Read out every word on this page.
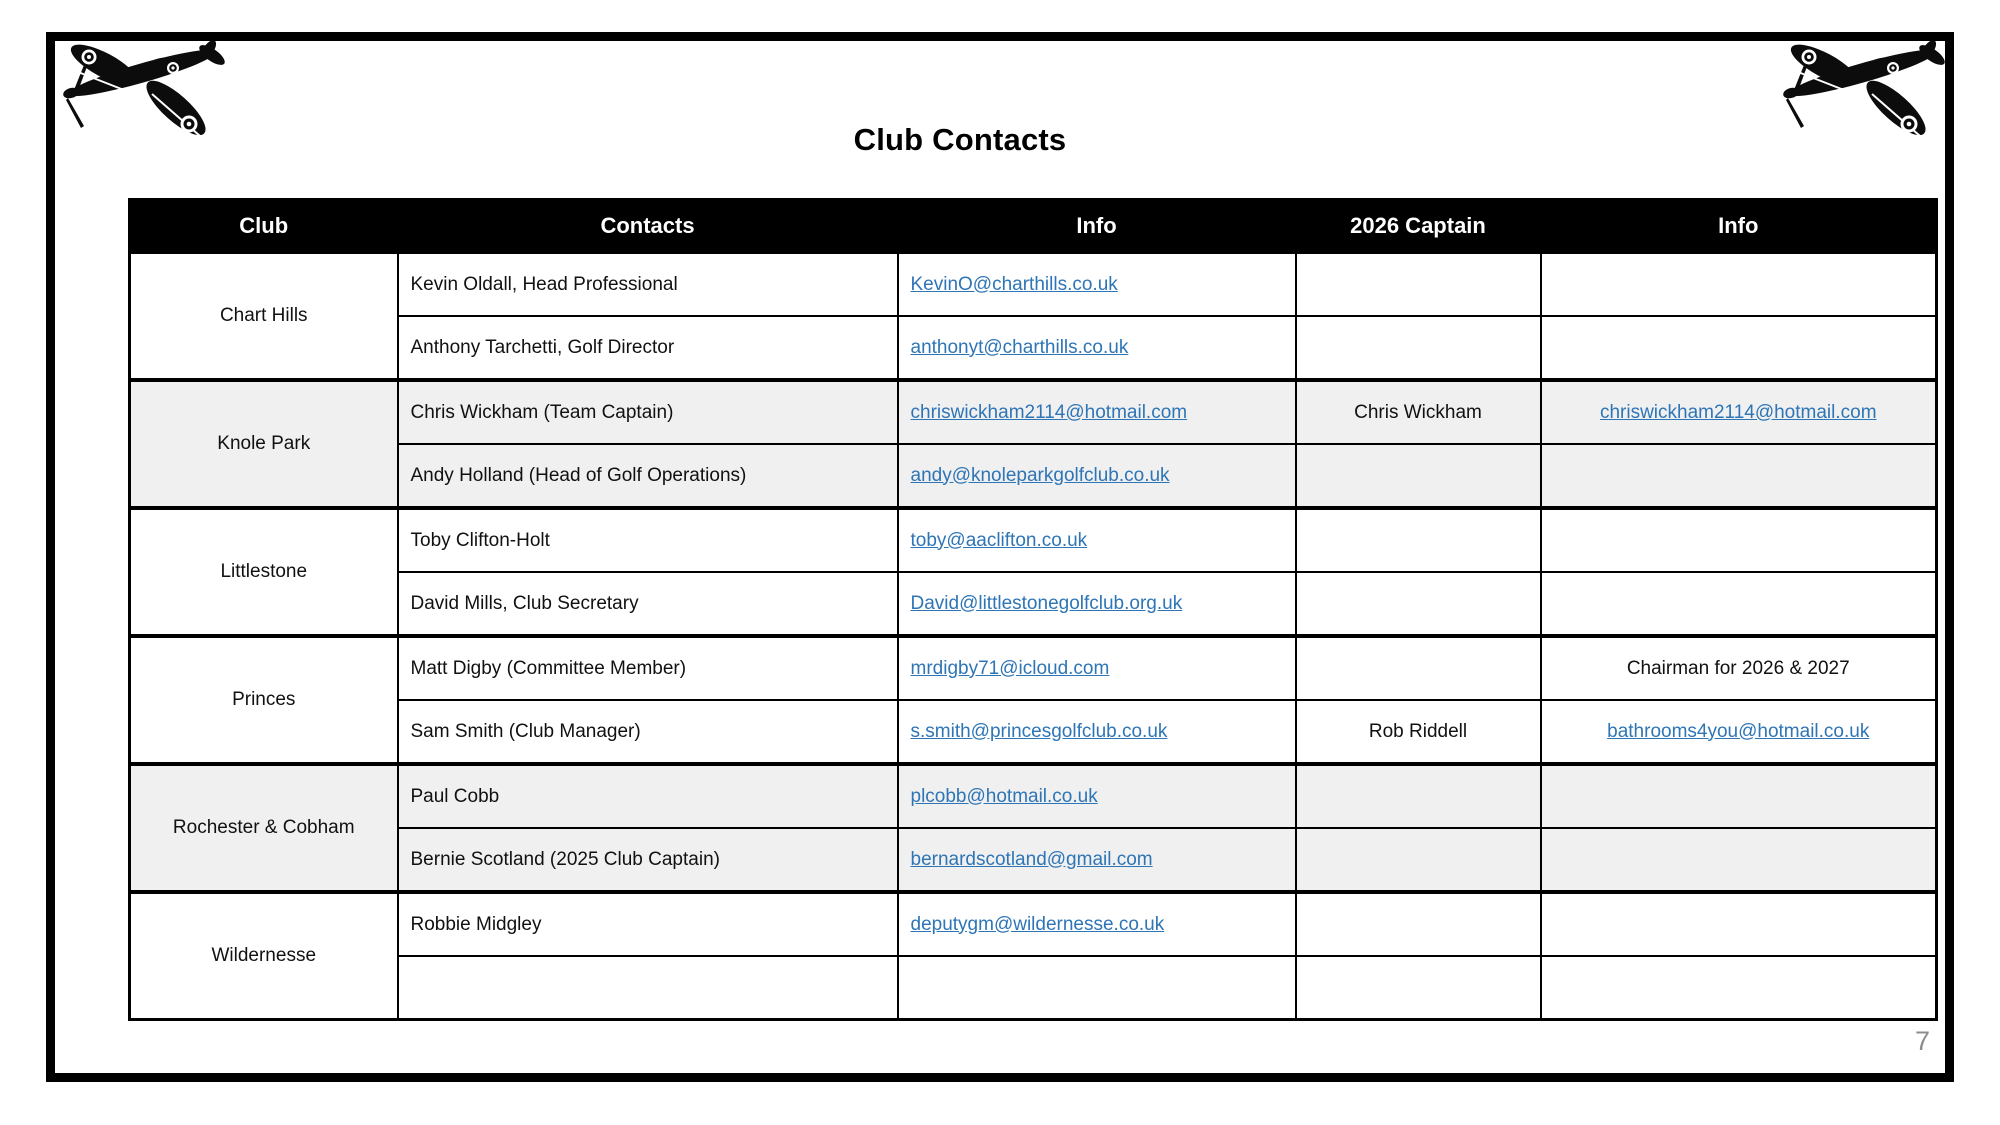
Club Contacts
Club	Contacts	Info	2026 Captain	Info
Chart Hills	Kevin Oldall, Head Professional	KevinO@charthills.co.uk		
	Anthony Tarchetti, Golf Director	anthonyt@charthills.co.uk		
Knole Park	Chris Wickham (Team Captain)	chriswickham2114@hotmail.com	Chris Wickham	chriswickham2114@hotmail.com
	Andy Holland (Head of Golf Operations)	andy@knoleparkgolfclub.co.uk		
Littlestone	Toby Clifton-Holt	toby@aaclifton.co.uk		
	David Mills, Club Secretary	David@littlestonegolfclub.org.uk		
Princes	Matt Digby (Committee Member)	mrdigby71@icloud.com		Chairman for 2026 & 2027
	Sam Smith (Club Manager)	s.smith@princesgolfclub.co.uk	Rob Riddell	bathrooms4you@hotmail.co.uk
Rochester & Cobham	Paul Cobb	plcobb@hotmail.co.uk		
	Bernie Scotland (2025 Club Captain)	bernardscotland@gmail.com		
Wildernesse	Robbie Midgley	deputygm@wildernesse.co.uk		

7
